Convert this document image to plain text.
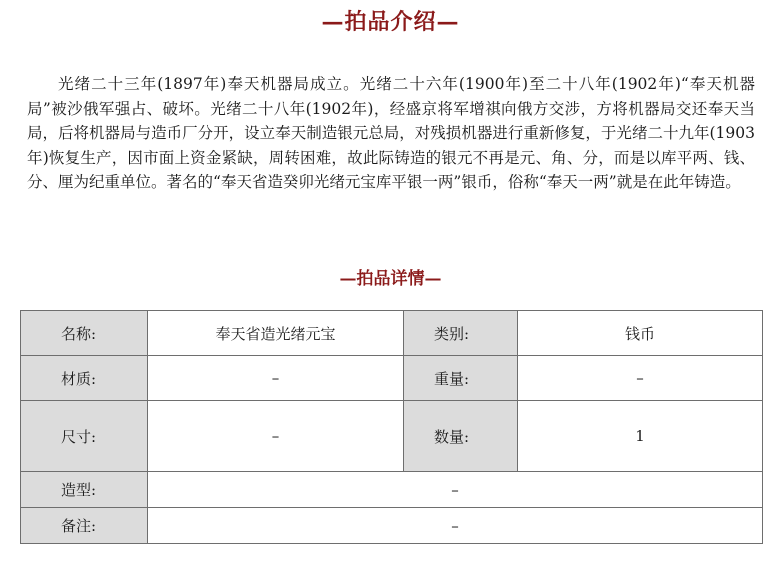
—拍品介绍—

光绪二十三年(1897年)奉天机器局成立。光绪二十六年(1900年)至二十八年(1902年)“奉天机器局”被沙俄军强占、破坏。光绪二十八年(1902年)，经盛京将军增祺向俄方交涉，方将机器局交还奉天当局，后将机器局与造币厂分开，设立奉天制造银元总局，对残损机器进行重新修复，于光绪二十九年(1903年)恢复生产，因市面上资金紧缺，周转困难，故此际铸造的银元不再是元、角、分，而是以库平两、钱、分、厘为纪重单位。著名的“奉天省造癸卯光绪元宝库平银一两”银币，俗称“奉天一两”就是在此年铸造。

—拍品详情—
名称:	奉天省造光绪元宝	类别:	钱币
材质:	–	重量:	–
尺寸:	–	数量:	1
造型:	–		
备注:	–		
